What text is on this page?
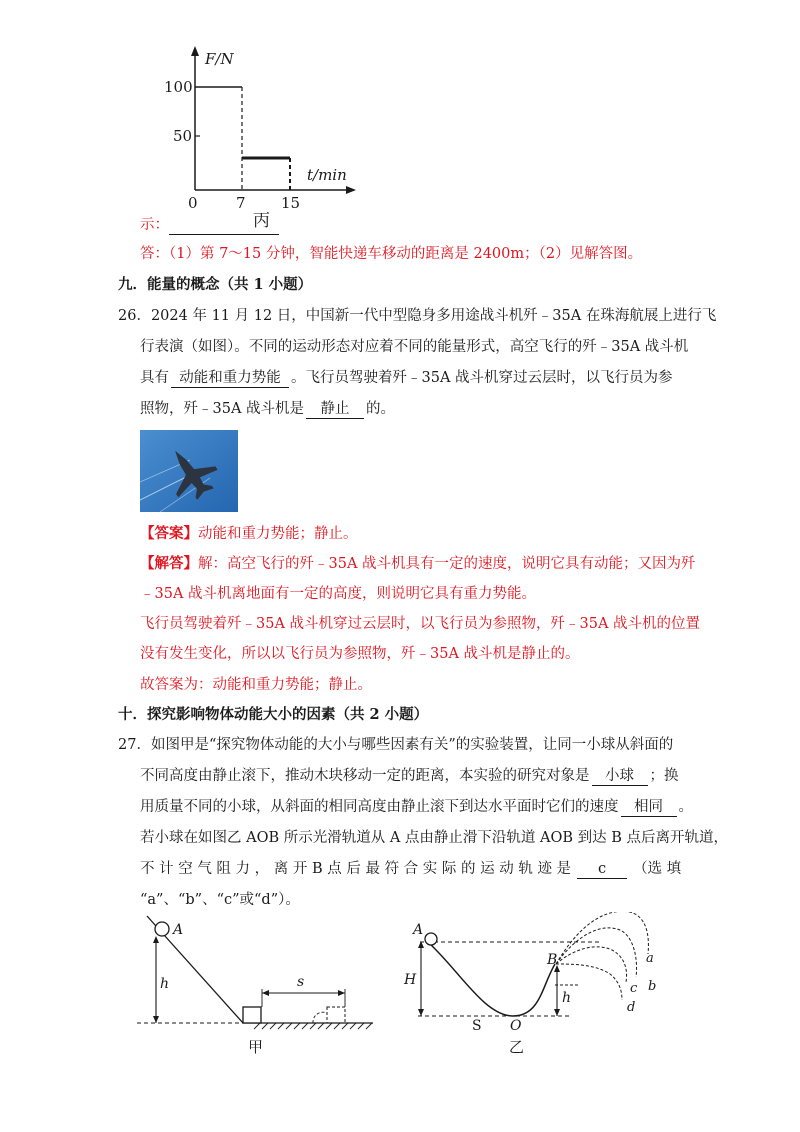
F/N
t/min
100
50
0	7 15
丙
示：
答：（1）第 7～15 分钟，智能快递车移动的距离是 2400m；（2）见解答图。
九．能量的概念（共 1 小题）
26．2024 年 11 月 12 日，中国新一代中型隐身多用途战斗机歼﹣35A 在珠海航展上进行飞
行表演（如图）。不同的运动形态对应着不同的能量形式，高空飞行的歼﹣35A 战斗机
具有 动能和重力势能 。飞行员驾驶着歼﹣35A 战斗机穿过云层时，以飞行员为参
照物，歼﹣35A 战斗机是 静止 的。
【答案】动能和重力势能；静止。
【解答】解：高空飞行的歼﹣35A 战斗机具有一定的速度，说明它具有动能；又因为歼
﹣35A 战斗机离地面有一定的高度，则说明它具有重力势能。
飞行员驾驶着歼﹣35A 战斗机穿过云层时，以飞行员为参照物，歼﹣35A 战斗机的位置
没有发生变化，所以以飞行员为参照物，歼﹣35A 战斗机是静止的。
故答案为：动能和重力势能；静止。
十．探究影响物体动能大小的因素（共 2 小题）
27．如图甲是“探究物体动能的大小与哪些因素有关”的实验装置，让同一小球从斜面的
不同高度由静止滚下，推动木块移动一定的距离，本实验的研究对象是 小球 ；换
用质量不同的小球，从斜面的相同高度由静止滚下到达水平面时它们的速度 相同 。
若小球在如图乙 AOB 所示光滑轨道从 A 点由静止滑下沿轨道 AOB 到达 B 点后离开轨道，
不 计 空 气 阻 力 ， 离 开 B 点 后 最 符 合 实 际 的 运 动 轨 迹 是 c （选 填
“a”、“b”、“c”或“d”）。
A
h	s
甲
A
H
B
h
S O
a
b
c
d
乙
